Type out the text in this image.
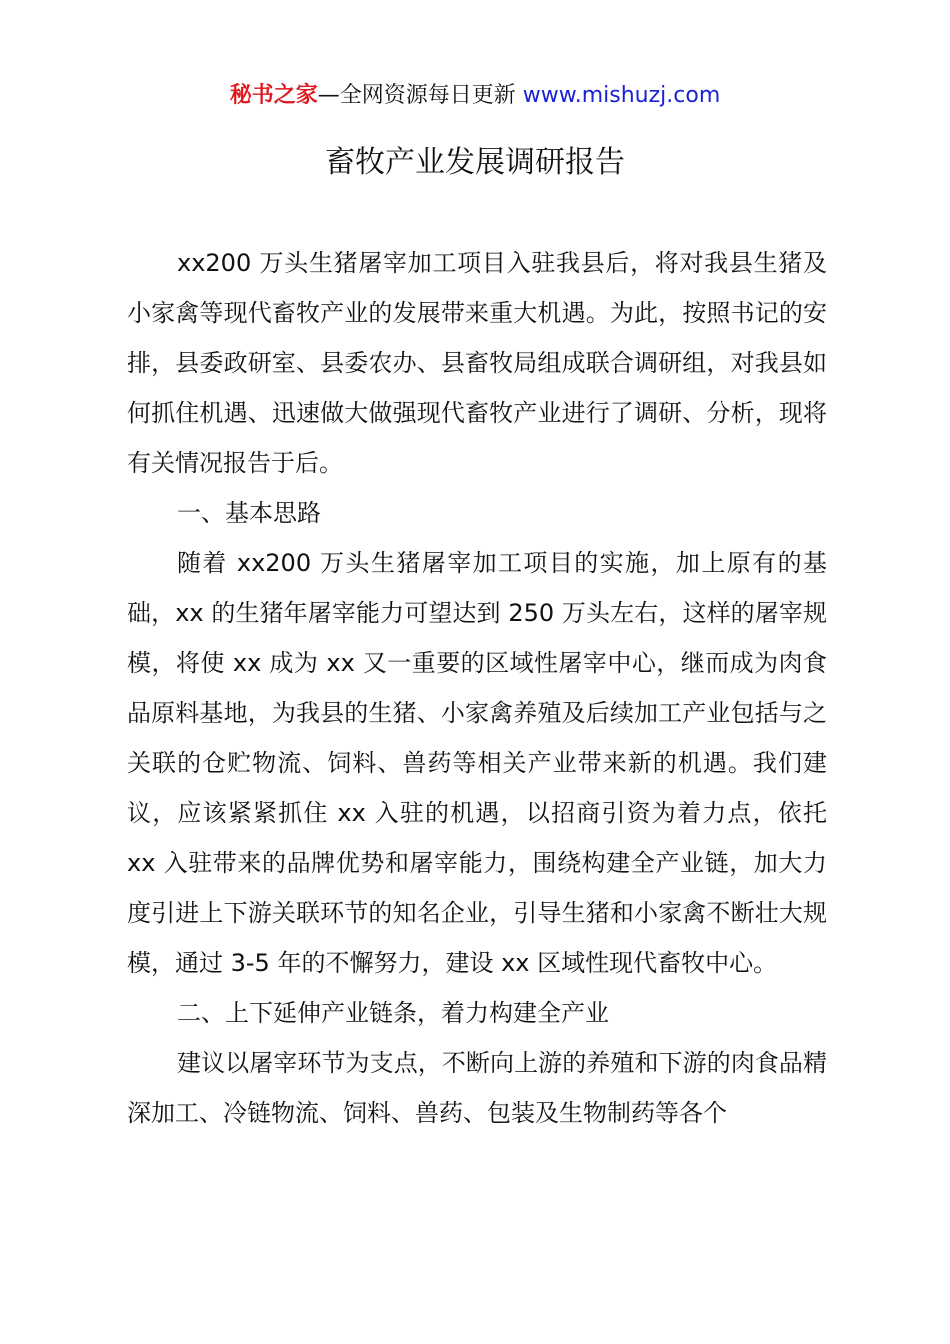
秘书之家—全网资源每日更新 www.mishuzj.com
畜牧产业发展调研报告

xx200 万头生猪屠宰加工项目入驻我县后，将对我县生猪及小家禽等现代畜牧产业的发展带来重大机遇。为此，按照书记的安排，县委政研室、县委农办、县畜牧局组成联合调研组，对我县如何抓住机遇、迅速做大做强现代畜牧产业进行了调研、分析，现将有关情况报告于后。

一、基本思路

随着 xx200 万头生猪屠宰加工项目的实施，加上原有的基础，xx 的生猪年屠宰能力可望达到 250 万头左右，这样的屠宰规模，将使 xx 成为 xx 又一重要的区域性屠宰中心，继而成为肉食品原料基地，为我县的生猪、小家禽养殖及后续加工产业包括与之关联的仓贮物流、饲料、兽药等相关产业带来新的机遇。我们建议，应该紧紧抓住 xx 入驻的机遇，以招商引资为着力点，依托 xx 入驻带来的品牌优势和屠宰能力，围绕构建全产业链，加大力度引进上下游关联环节的知名企业，引导生猪和小家禽不断壮大规模，通过 3-5 年的不懈努力，建设 xx 区域性现代畜牧中心。

二、上下延伸产业链条，着力构建全产业

建议以屠宰环节为支点，不断向上游的养殖和下游的肉食品精深加工、冷链物流、饲料、兽药、包装及生物制药等各个
